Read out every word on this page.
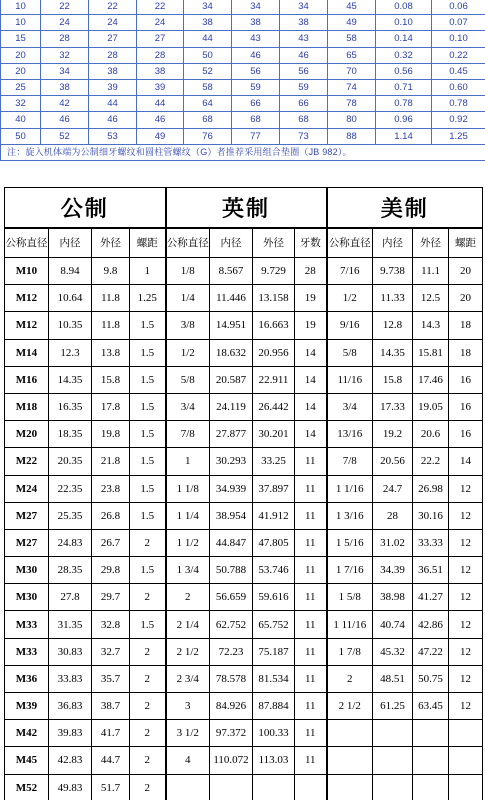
10	22	22	22	34	34	34	45	0.08	0.06
10	24	24	24	38	38	38	49	0.10	0.07
15	28	27	27	44	43	43	58	0.14	0.10
20	32	28	28	50	46	46	65	0.32	0.22
20	34	38	38	52	56	56	70	0.56	0.45
25	38	39	39	58	59	59	74	0.71	0.60
32	42	44	44	64	66	66	78	0.78	0.78
40	46	46	46	68	68	68	80	0.96	0.92
50	52	53	49	76	77	73	88	1.14	1.25
注：旋入机体端为公制细牙螺纹和圆柱管螺纹（G）者推荐采用组合垫圈（JB 982）。									
公制				英制				美制			
公称直径	内径	外径	螺距	公称直径	内径	外径	牙数	公称直径	内径	外径	螺距
M10	8.94	9.8	1	1/8	8.567	9.729	28	7/16	9.738	11.1	20
M12	10.64	11.8	1.25	1/4	11.446	13.158	19	1/2	11.33	12.5	20
M12	10.35	11.8	1.5	3/8	14.951	16.663	19	9/16	12.8	14.3	18
M14	12.3	13.8	1.5	1/2	18.632	20.956	14	5/8	14.35	15.81	18
M16	14.35	15.8	1.5	5/8	20.587	22.911	14	11/16	15.8	17.46	16
M18	16.35	17.8	1.5	3/4	24.119	26.442	14	3/4	17.33	19.05	16
M20	18.35	19.8	1.5	7/8	27.877	30.201	14	13/16	19.2	20.6	16
M22	20.35	21.8	1.5	1	30.293	33.25	11	7/8	20.56	22.2	14
M24	22.35	23.8	1.5	1 1/8	34.939	37.897	11	1 1/16	24.7	26.98	12
M27	25.35	26.8	1.5	1 1/4	38.954	41.912	11	1 3/16	28	30.16	12
M27	24.83	26.7	2	1 1/2	44.847	47.805	11	1 5/16	31.02	33.33	12
M30	28.35	29.8	1.5	1 3/4	50.788	53.746	11	1 7/16	34.39	36.51	12
M30	27.8	29.7	2	2	56.659	59.616	11	1 5/8	38.98	41.27	12
M33	31.35	32.8	1.5	2 1/4	62.752	65.752	11	1 11/16	40.74	42.86	12
M33	30.83	32.7	2	2 1/2	72.23	75.187	11	1 7/8	45.32	47.22	12
M36	33.83	35.7	2	2 3/4	78.578	81.534	11	2	48.51	50.75	12
M39	36.83	38.7	2	3	84.926	87.884	11	2 1/2	61.25	63.45	12
M42	39.83	41.7	2	3 1/2	97.372	100.33	11				
M45	42.83	44.7	2	4	110.072	113.03	11				
M52	49.83	51.7	2								
